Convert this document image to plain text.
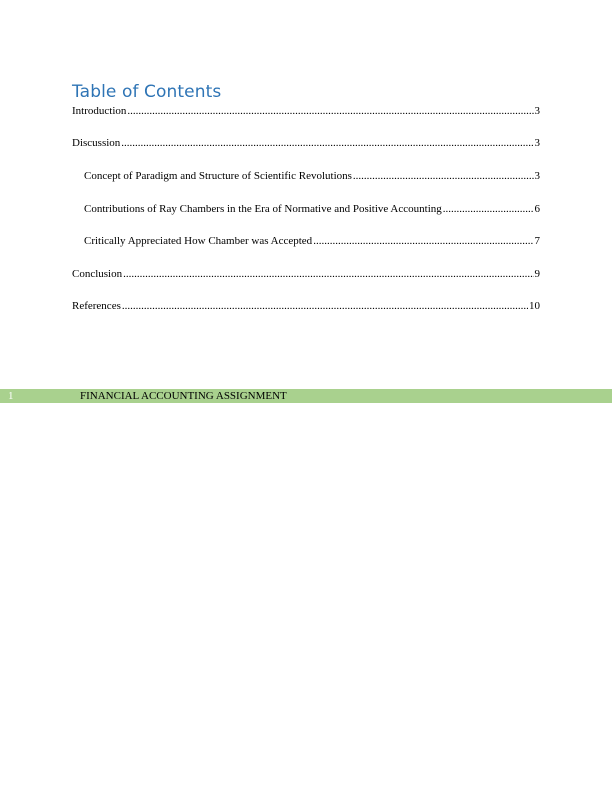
Table of Contents
Introduction .....	3
Discussion .....	3
Concept of Paradigm and Structure of Scientific Revolutions .....	3
Contributions of Ray Chambers in the Era of Normative and Positive Accounting .....	6
Critically Appreciated How Chamber was Accepted .....	7
Conclusion .....	9
References .....	10
1	FINANCIAL ACCOUNTING ASSIGNMENT
